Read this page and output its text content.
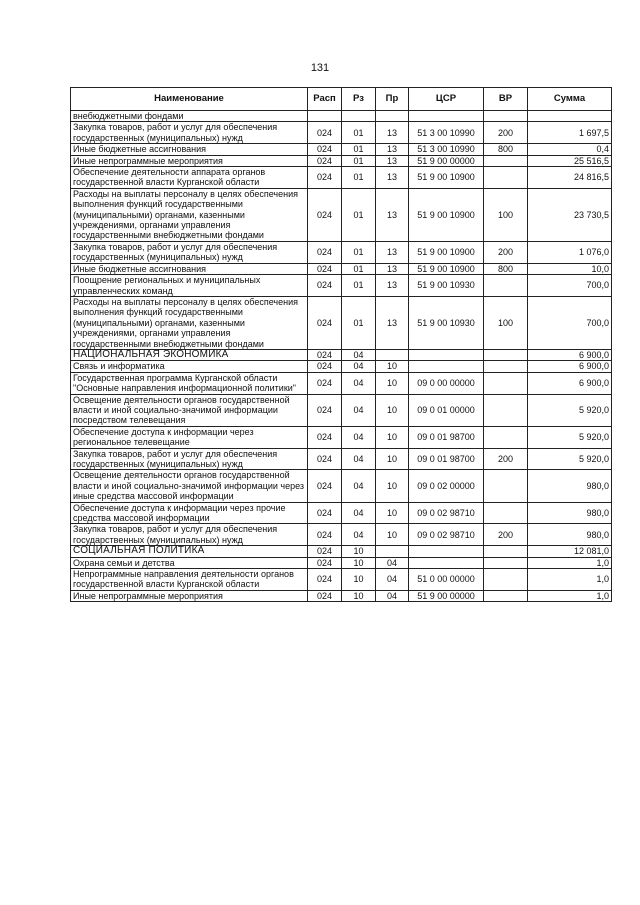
131
Наименование	Расп	Рз	Пр	ЦСР	ВР	Сумма
внебюджетными фондами						
Закупка товаров, работ и услуг для обеспечения государственных (муниципальных) нужд	024	01	13	51 3 00 10990	200	1 697,5
Иные бюджетные ассигнования	024	01	13	51 3 00 10990	800	0,4
Иные непрограммные мероприятия	024	01	13	51 9 00 00000		25 516,5
Обеспечение деятельности аппарата органов государственной власти Курганской области	024	01	13	51 9 00 10900		24 816,5
Расходы на выплаты персоналу в целях обеспечения выполнения функций государственными (муниципальными) органами, казенными учреждениями, органами управления государственными внебюджетными фондами	024	01	13	51 9 00 10900	100	23 730,5
Закупка товаров, работ и услуг для обеспечения государственных (муниципальных) нужд	024	01	13	51 9 00 10900	200	1 076,0
Иные бюджетные ассигнования	024	01	13	51 9 00 10900	800	10,0
Поощрение региональных и муниципальных управленческих команд	024	01	13	51 9 00 10930		700,0
Расходы на выплаты персоналу в целях обеспечения выполнения функций государственными (муниципальными) органами, казенными учреждениями, органами управления государственными внебюджетными фондами	024	01	13	51 9 00 10930	100	700,0
НАЦИОНАЛЬНАЯ ЭКОНОМИКА	024	04				6 900,0
Связь и информатика	024	04	10			6 900,0
Государственная программа Курганской области "Основные направления информационной политики"	024	04	10	09 0 00 00000		6 900,0
Освещение деятельности органов государственной власти и иной социально-значимой информации посредством телевещания	024	04	10	09 0 01 00000		5 920,0
Обеспечение доступа к информации через региональное телевещание	024	04	10	09 0 01 98700		5 920,0
Закупка товаров, работ и услуг для обеспечения государственных (муниципальных) нужд	024	04	10	09 0 01 98700	200	5 920,0
Освещение деятельности органов государственной власти и иной социально-значимой информации через иные средства массовой информации	024	04	10	09 0 02 00000		980,0
Обеспечение доступа к информации через прочие средства массовой информации	024	04	10	09 0 02 98710		980,0
Закупка товаров, работ и услуг для обеспечения государственных (муниципальных) нужд	024	04	10	09 0 02 98710	200	980,0
СОЦИАЛЬНАЯ ПОЛИТИКА	024	10				12 081,0
Охрана семьи и детства	024	10	04			1,0
Непрограммные направления деятельности органов государственной власти Курганской области	024	10	04	51 0 00 00000		1,0
Иные непрограммные мероприятия	024	10	04	51 9 00 00000		1,0
